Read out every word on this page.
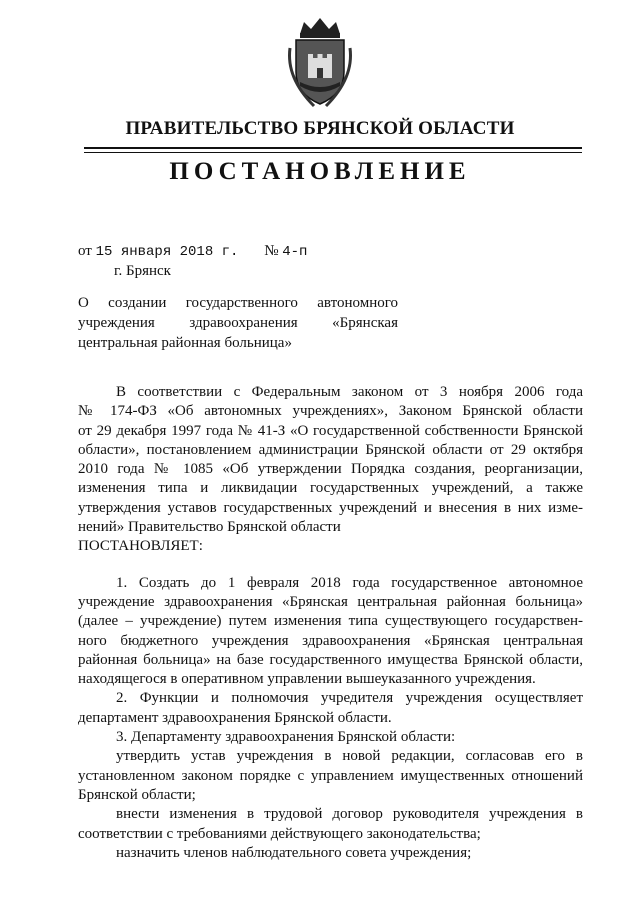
ПРАВИТЕЛЬСТВО БРЯНСКОЙ ОБЛАСТИ
ПОСТАНОВЛЕНИЕ
от 15 января 2018 г. № 4-п
г. Брянск
О создании государственного автономного
учреждения здравоохранения «Брянская
центральная районная больница»
В соответствии с Федеральным законом от 3 ноября 2006 года
№ 174-ФЗ «Об автономных учреждениях», Законом Брянской области
от 29 декабря 1997 года № 41-З «О государственной собственности Брянской
области», постановлением администрации Брянской области от 29 октября
2010 года № 1085 «Об утверждении Порядка создания, реорганизации,
изменения типа и ликвидации государственных учреждений, а также
утверждения уставов государственных учреждений и внесения в них изме-
нений» Правительство Брянской области
ПОСТАНОВЛЯЕТ:
1. Создать до 1 февраля 2018 года государственное автономное
учреждение здравоохранения «Брянская центральная районная больница»
(далее – учреждение) путем изменения типа существующего государствен-
ного бюджетного учреждения здравоохранения «Брянская центральная
районная больница» на базе государственного имущества Брянской области,
находящегося в оперативном управлении вышеуказанного учреждения.
2. Функции и полномочия учредителя учреждения осуществляет
департамент здравоохранения Брянской области.
3. Департаменту здравоохранения Брянской области:
утвердить устав учреждения в новой редакции, согласовав его в
установленном законом порядке с управлением имущественных отношений
Брянской области;
внести изменения в трудовой договор руководителя учреждения в
соответствии с требованиями действующего законодательства;
назначить членов наблюдательного совета учреждения;
